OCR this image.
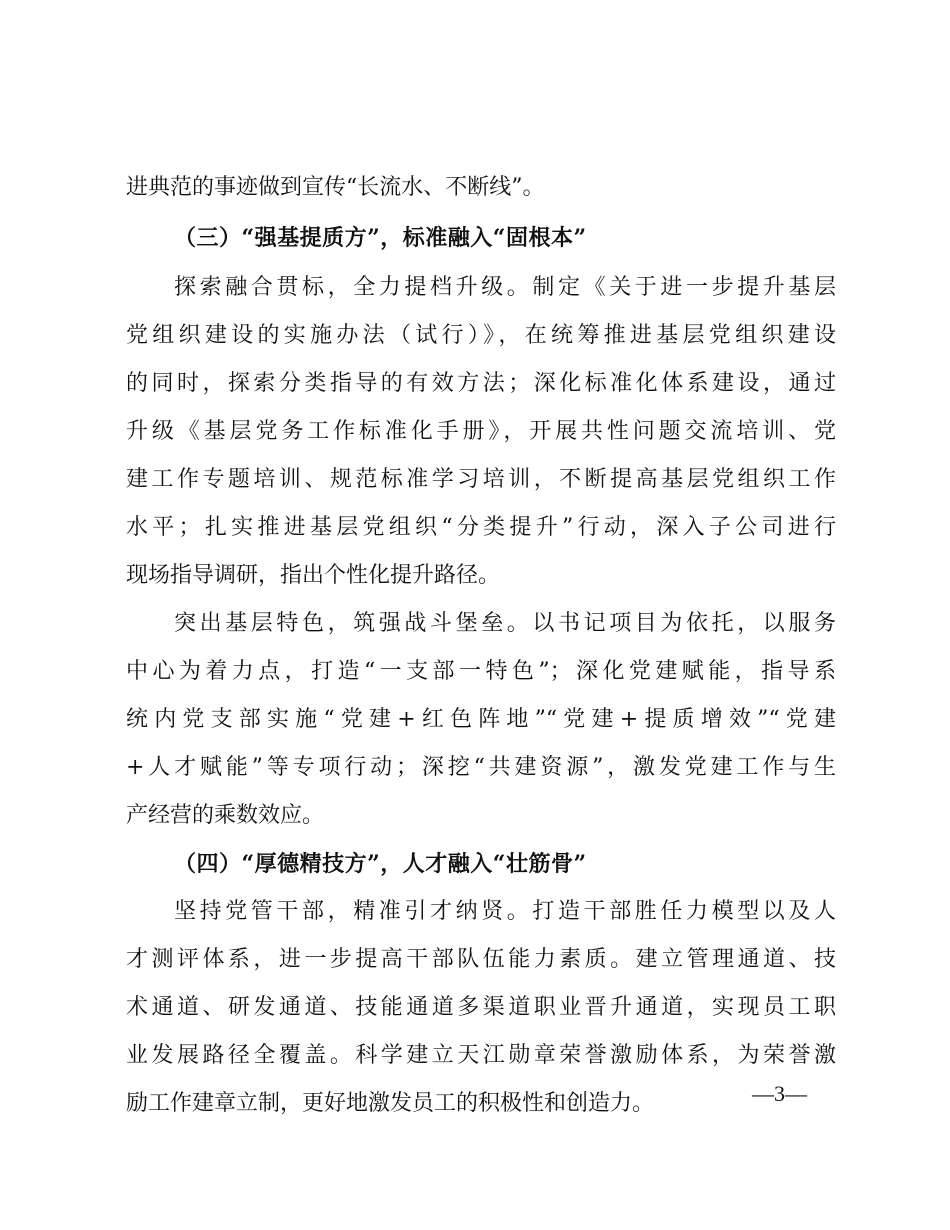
进典范的事迹做到宣传“长流水、不断线”。
（三）“强基提质方”，标准融入“固根本”
探索融合贯标，全力提档升级。制定《关于进一步提升基层
党组织建设的实施办法（试行）》，在统筹推进基层党组织建设
的同时，探索分类指导的有效方法；深化标准化体系建设，通过
升级《基层党务工作标准化手册》，开展共性问题交流培训、党
建工作专题培训、规范标准学习培训，不断提高基层党组织工作
水平；扎实推进基层党组织“分类提升”行动，深入子公司进行
现场指导调研，指出个性化提升路径。
突出基层特色，筑强战斗堡垒。以书记项目为依托，以服务
中心为着力点，打造“一支部一特色”；深化党建赋能，指导系
统内党支部实施“党建+红色阵地”“党建+提质增效”“党建
+人才赋能”等专项行动；深挖“共建资源”，激发党建工作与生
产经营的乘数效应。
（四）“厚德精技方”，人才融入“壮筋骨”
坚持党管干部，精准引才纳贤。打造干部胜任力模型以及人
才测评体系，进一步提高干部队伍能力素质。建立管理通道、技
术通道、研发通道、技能通道多渠道职业晋升通道，实现员工职
业发展路径全覆盖。科学建立天江勋章荣誉激励体系，为荣誉激
励工作建章立制，更好地激发员工的积极性和创造力。	—3—
